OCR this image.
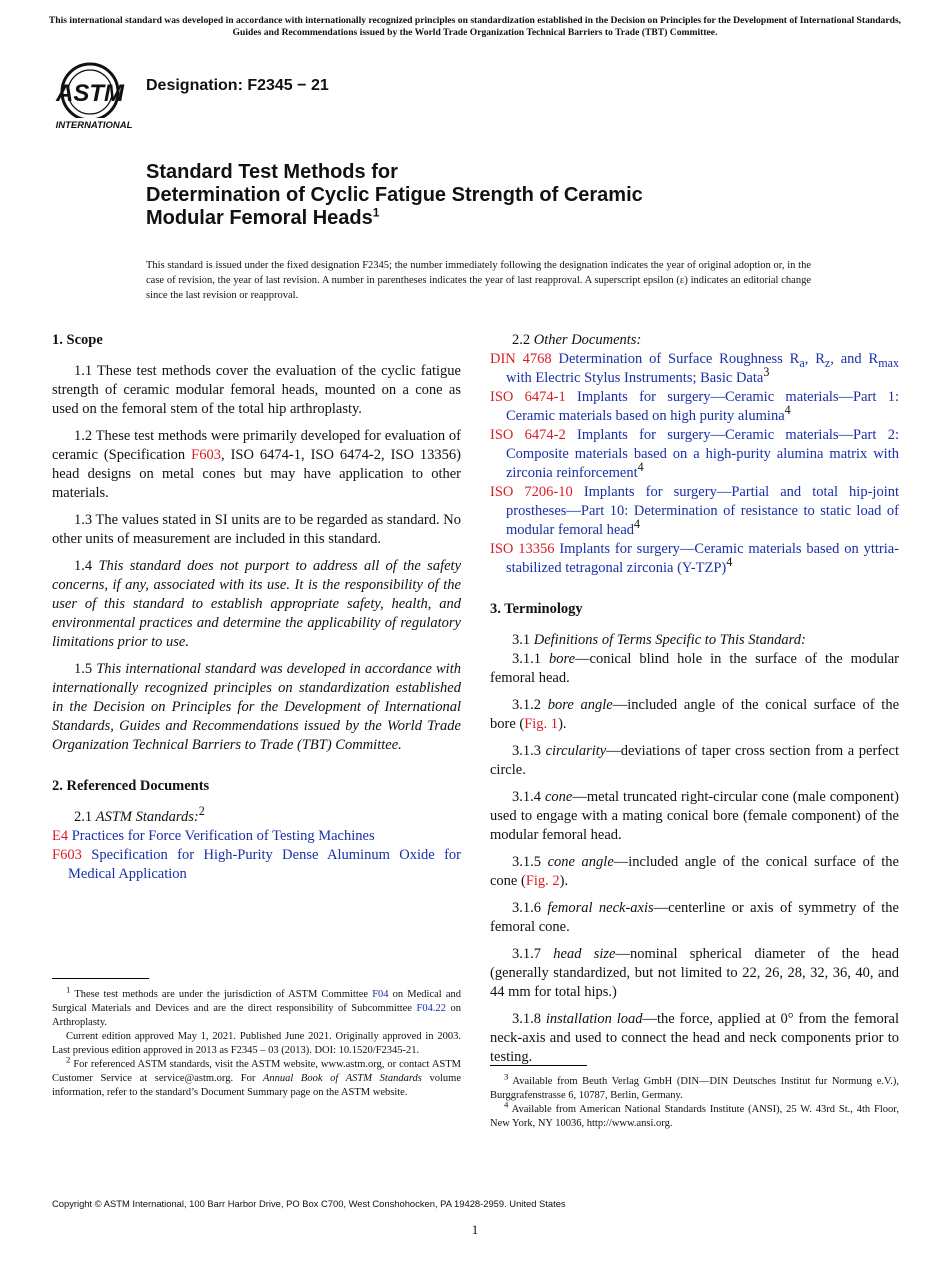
This international standard was developed in accordance with internationally recognized principles on standardization established in the Decision on Principles for the Development of International Standards, Guides and Recommendations issued by the World Trade Organization Technical Barriers to Trade (TBT) Committee.
ASTM
INTERNATIONAL
Designation: F2345 − 21
Standard Test Methods for
Determination of Cyclic Fatigue Strength of Ceramic
Modular Femoral Heads$^1$
This standard is issued under the fixed designation F2345; the number immediately following the designation indicates the year of original adoption or, in the case of revision, the year of last revision. A number in parentheses indicates the year of last reapproval. A superscript epsilon (ε) indicates an editorial change since the last revision or reapproval.
1. Scope

1.1 These test methods cover the evaluation of the cyclic fatigue strength of ceramic modular femoral heads, mounted on a cone as used on the femoral stem of the total hip arthroplasty.

1.2 These test methods were primarily developed for evaluation of ceramic (Specification F603, ISO 6474-1, ISO 6474-2, ISO 13356) head designs on metal cones but may have application to other materials.

1.3 The values stated in SI units are to be regarded as standard. No other units of measurement are included in this standard.

1.4 This standard does not purport to address all of the safety concerns, if any, associated with its use. It is the responsibility of the user of this standard to establish appropriate safety, health, and environmental practices and determine the applicability of regulatory limitations prior to use.

1.5 This international standard was developed in accordance with internationally recognized principles on standardization established in the Decision on Principles for the Development of International Standards, Guides and Recommendations issued by the World Trade Organization Technical Barriers to Trade (TBT) Committee.

2. Referenced Documents

2.1 ASTM Standards:$^2$

E4 Practices for Force Verification of Testing Machines

F603 Specification for High-Purity Dense Aluminum Oxide for Medical Application

2.2 Other Documents:

DIN 4768 Determination of Surface Roughness $R_a$, $R_z$, and $R_{max}$ with Electric Stylus Instruments; Basic Data$^3$

ISO 6474-1 Implants for surgery—Ceramic materials—Part 1: Ceramic materials based on high purity alumina$^4$

ISO 6474-2 Implants for surgery—Ceramic materials—Part 2: Composite materials based on a high-purity alumina matrix with zirconia reinforcement$^4$

ISO 7206-10 Implants for surgery—Partial and total hip-joint prostheses—Part 10: Determination of resistance to static load of modular femoral head$^4$

ISO 13356 Implants for surgery—Ceramic materials based on yttria-stabilized tetragonal zirconia $(Y-TZP)^4$

3. Terminology

3.1 Definitions of Terms Specific to This Standard:

3.1.1 bore—conical blind hole in the surface of the modular femoral head.

3.1.2 bore angle—included angle of the conical surface of the bore (Fig. 1).

3.1.3 circularity—deviations of taper cross section from a perfect circle.

3.1.4 cone—metal truncated right-circular cone (male component) used to engage with a mating conical bore (female component) of the modular femoral head.

3.1.5 cone angle—included angle of the conical surface of the cone (Fig. 2).

3.1.6 femoral neck-axis—centerline or axis of symmetry of the femoral cone.

3.1.7 head size—nominal spherical diameter of the head (generally standardized, but not limited to 22, 26, 28, 32, 36, 40, and 44 mm for total hips.)

3.1.8 installation load—the force, applied at 0° from the femoral neck-axis and used to connect the head and neck components prior to testing.

$^1$ These test methods are under the jurisdiction of ASTM Committee F04 on Medical and Surgical Materials and Devices and are the direct responsibility of Subcommittee F04.22 on Arthroplasty.

Current edition approved May 1, 2021. Published June 2021. Originally approved in 2003. Last previous edition approved in 2013 as F2345 – 03 (2013). DOI: 10.1520/F2345-21.

$^2$ For referenced ASTM standards, visit the ASTM website, www.astm.org, or contact ASTM Customer Service at service@astm.org. For Annual Book of ASTM Standards volume information, refer to the standard’s Document Summary page on the ASTM website.

$^3$ Available from Beuth Verlag GmbH (DIN—DIN Deutsches Institut fur Normung e.V.), Burggrafenstrasse 6, 10787, Berlin, Germany.

$^4$ Available from American National Standards Institute (ANSI), 25 W. 43rd St., 4th Floor, New York, NY 10036, http://www.ansi.org.

Copyright © ASTM International, 100 Barr Harbor Drive, PO Box C700, West Conshohocken, PA 19428-2959. United States
1
